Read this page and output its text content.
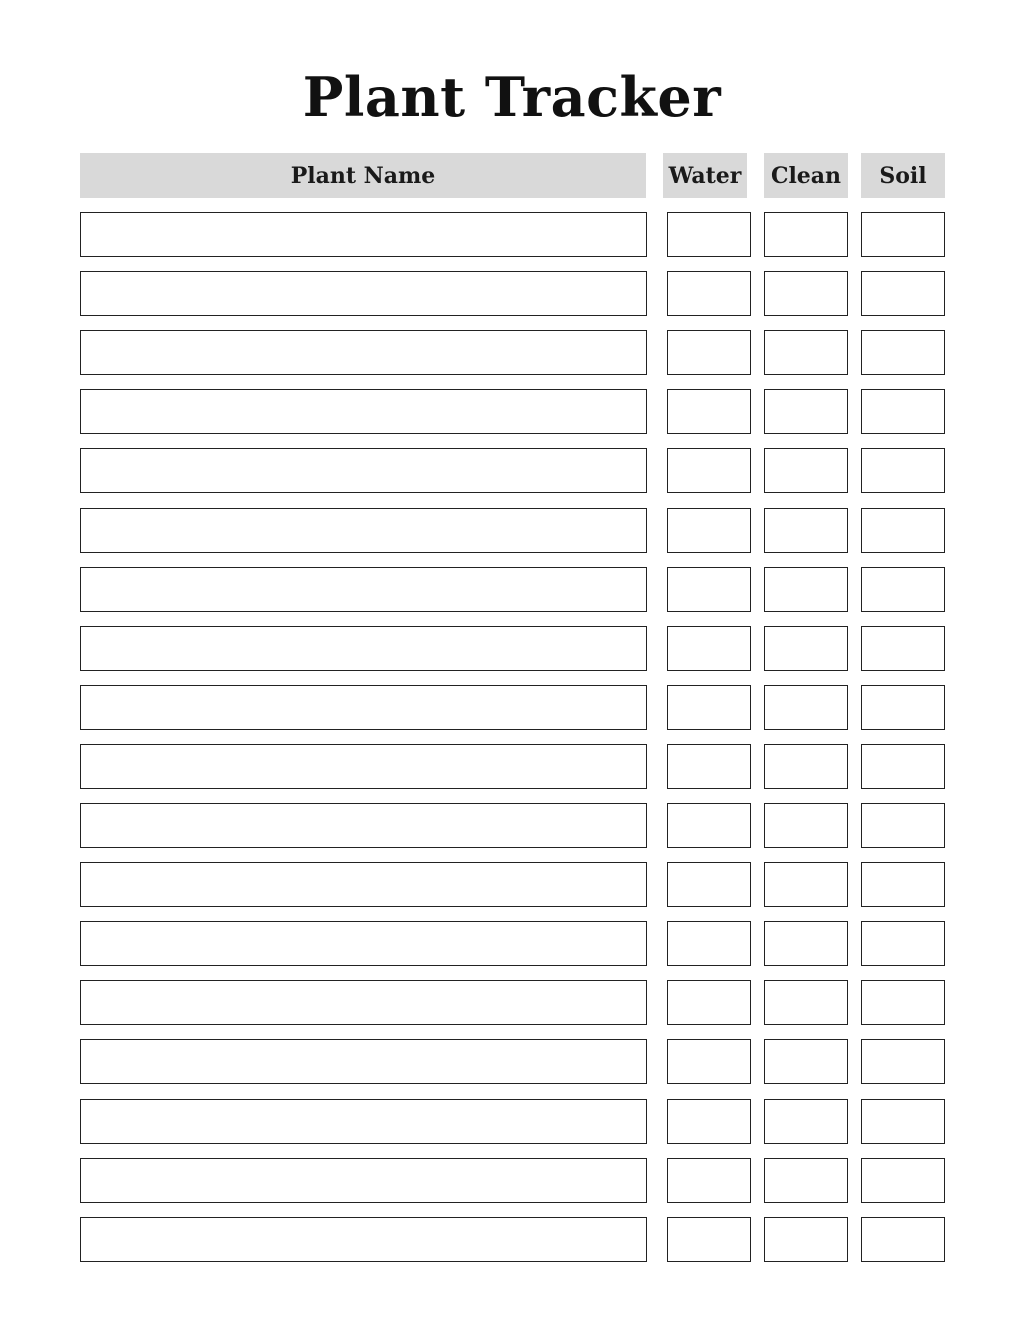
Plant Tracker
Plant Name	Water	Clean	Soil
